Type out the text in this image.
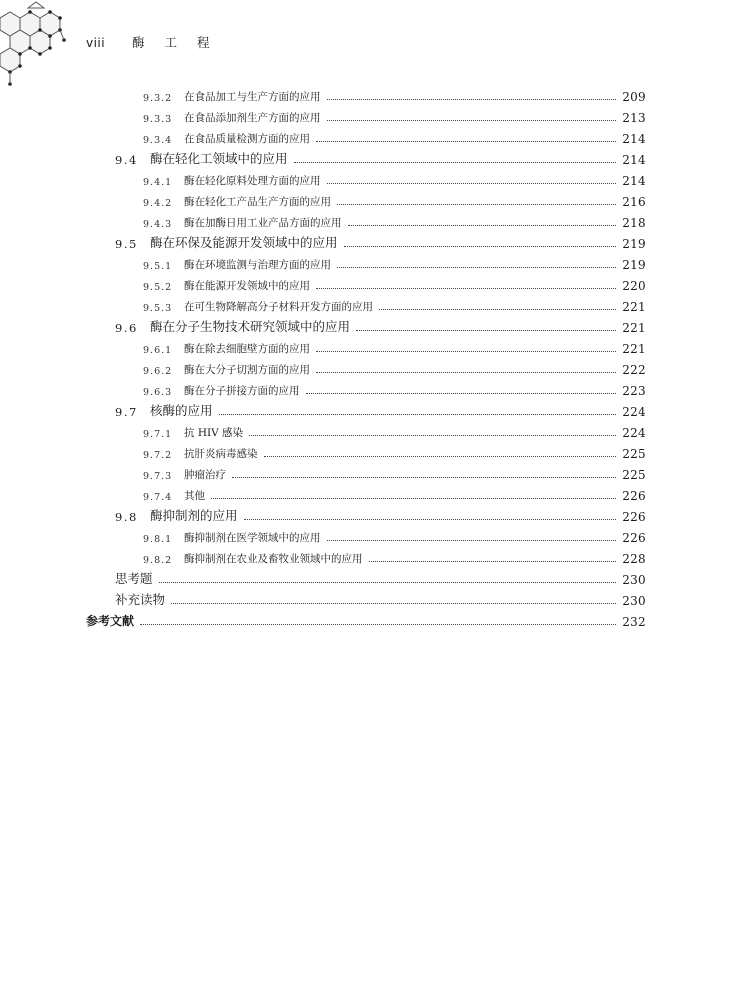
viii	酶 工 程
9.3.2	在食品加工与生产方面的应用	209
9.3.3	在食品添加剂生产方面的应用	213
9.3.4	在食品质量检测方面的应用	214
9.4 酶在轻化工领域中的应用	214
9.4.1	酶在轻化原料处理方面的应用	214
9.4.2	酶在轻化工产品生产方面的应用	216
9.4.3	酶在加酶日用工业产品方面的应用	218
9.5 酶在环保及能源开发领域中的应用	219
9.5.1	酶在环境监测与治理方面的应用	219
9.5.2	酶在能源开发领域中的应用	220
9.5.3	在可生物降解高分子材料开发方面的应用	221
9.6 酶在分子生物技术研究领域中的应用	221
9.6.1	酶在除去细胞壁方面的应用	221
9.6.2	酶在大分子切割方面的应用	222
9.6.3	酶在分子拼接方面的应用	223
9.7 核酶的应用	224
9.7.1	抗 HIV 感染	224
9.7.2	抗肝炎病毒感染	225
9.7.3	肿瘤治疗	225
9.7.4	其他	226
9.8 酶抑制剂的应用	226
9.8.1	酶抑制剂在医学领域中的应用	226
9.8.2	酶抑制剂在农业及畜牧业领域中的应用	228
思考题	230
补充读物	230
参考文献	232
